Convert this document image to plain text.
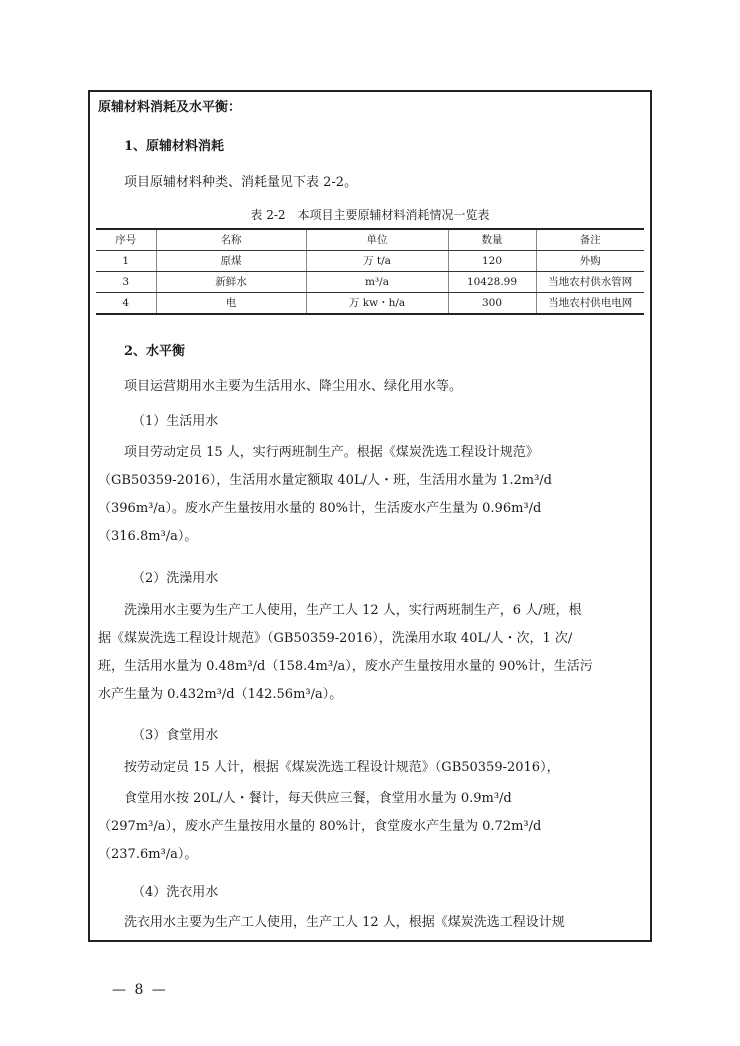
原辅材料消耗及水平衡：
1、原辅材料消耗
项目原辅材料种类、消耗量见下表 2-2。
表 2-2　本项目主要原辅材料消耗情况一览表
序号	名称	单位	数量	备注
1	原煤	万 t/a	120	外购
3	新鲜水	m³/a	10428.99	当地农村供水管网
4	电	万 kw・h/a	300	当地农村供电电网
2、水平衡
项目运营期用水主要为生活用水、降尘用水、绿化用水等。
（1）生活用水
项目劳动定员 15 人，实行两班制生产。根据《煤炭洗选工程设计规范》
（GB50359-2016），生活用水量定额取 40L/人・班，生活用水量为 1.2m³/d
（396m³/a）。废水产生量按用水量的 80%计，生活废水产生量为 0.96m³/d
（316.8m³/a）。
（2）洗澡用水
洗澡用水主要为生产工人使用，生产工人 12 人，实行两班制生产，6 人/班，根
据《煤炭洗选工程设计规范》（GB50359-2016），洗澡用水取 40L/人・次，1 次/
班，生活用水量为 0.48m³/d（158.4m³/a），废水产生量按用水量的 90%计，生活污
水产生量为 0.432m³/d（142.56m³/a）。
（3）食堂用水
按劳动定员 15 人计，根据《煤炭洗选工程设计规范》（GB50359-2016），
食堂用水按 20L/人・餐计，每天供应三餐，食堂用水量为 0.9m³/d
（297m³/a），废水产生量按用水量的 80%计，食堂废水产生量为 0.72m³/d
（237.6m³/a）。
（4）洗衣用水
洗衣用水主要为生产工人使用，生产工人 12 人，根据《煤炭洗选工程设计规
— 8 —
